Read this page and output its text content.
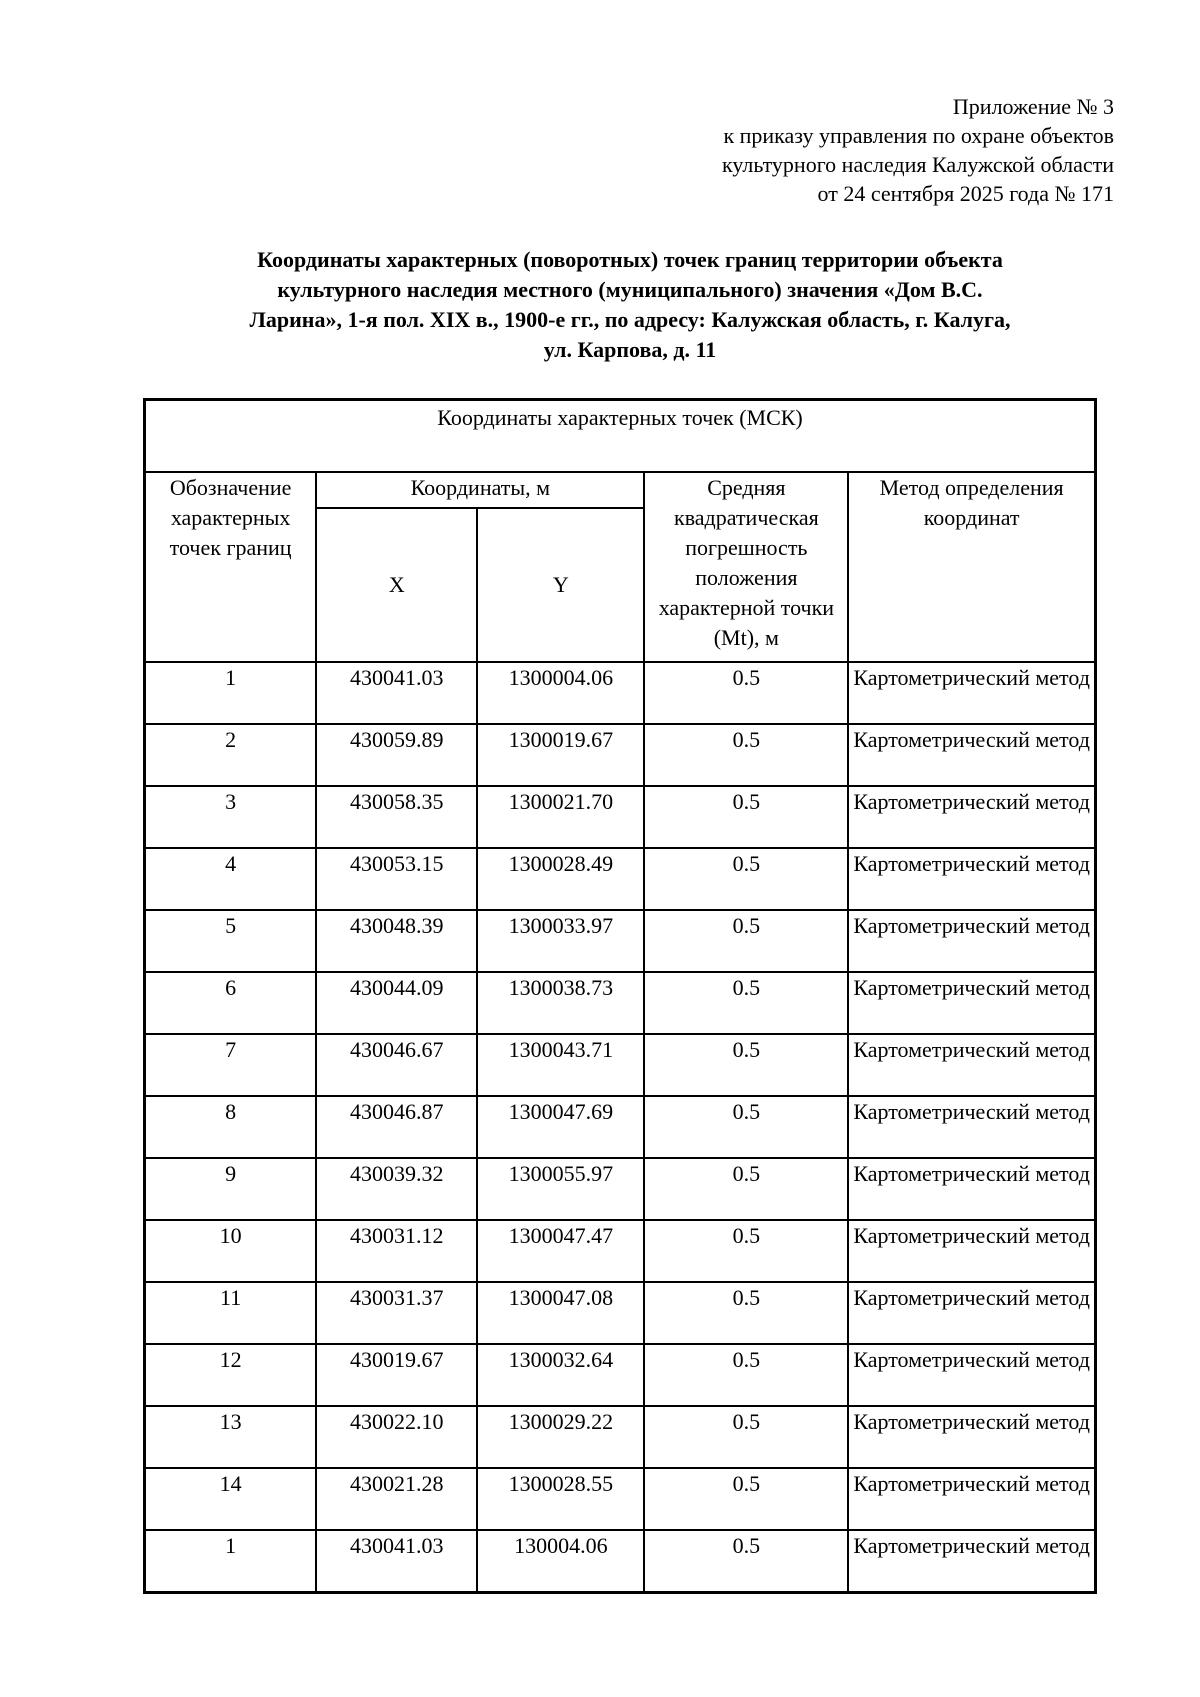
Приложение № 3
к приказу управления по охране объектов
культурного наследия Калужской области
от 24 сентября 2025 года № 171
Координаты характерных (поворотных) точек границ территории объекта
культурного наследия местного (муниципального) значения «Дом В.С.
Ларина», 1-я пол. XIX в., 1900-е гг., по адресу: Калужская область, г. Калуга,
ул. Карпова, д. 11
Координаты характерных точек (МСК)				
Обозначение характерных точек границ	Координаты, м		Средняя квадратическая погрешность положения характерной точки (Mt), м	Метод определения координат
	X	Y		
1	430041.03	1300004.06	0.5	Картометрический метод
2	430059.89	1300019.67	0.5	Картометрический метод
3	430058.35	1300021.70	0.5	Картометрический метод
4	430053.15	1300028.49	0.5	Картометрический метод
5	430048.39	1300033.97	0.5	Картометрический метод
6	430044.09	1300038.73	0.5	Картометрический метод
7	430046.67	1300043.71	0.5	Картометрический метод
8	430046.87	1300047.69	0.5	Картометрический метод
9	430039.32	1300055.97	0.5	Картометрический метод
10	430031.12	1300047.47	0.5	Картометрический метод
11	430031.37	1300047.08	0.5	Картометрический метод
12	430019.67	1300032.64	0.5	Картометрический метод
13	430022.10	1300029.22	0.5	Картометрический метод
14	430021.28	1300028.55	0.5	Картометрический метод
1	430041.03	130004.06	0.5	Картометрический метод
